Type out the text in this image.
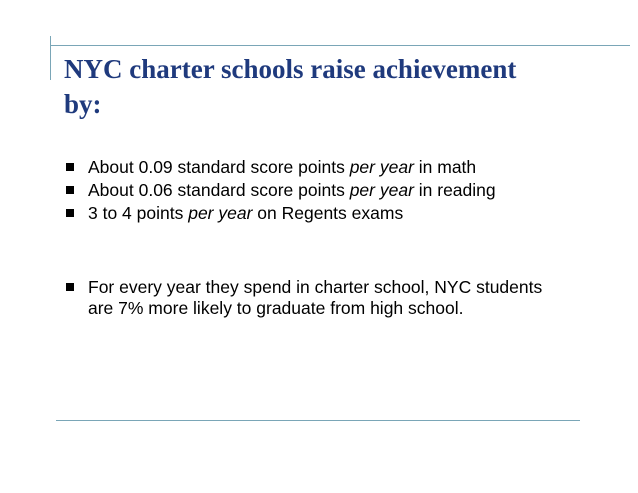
NYC charter schools raise achievement by:
About 0.09 standard score points per year in math
About 0.06 standard score points per year in reading
3 to 4 points per year on Regents exams
For every year they spend in charter school, NYC students are 7% more likely to graduate from high school.
